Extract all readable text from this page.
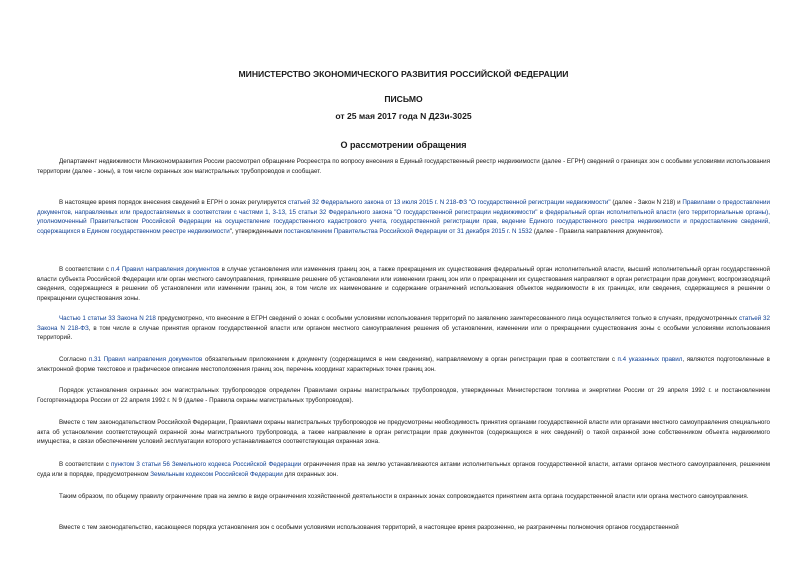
МИНИСТЕРСТВО ЭКОНОМИЧЕСКОГО РАЗВИТИЯ РОССИЙСКОЙ ФЕДЕРАЦИИ
ПИСЬМО
от 25 мая 2017 года N Д23и-3025
О рассмотрении обращения

Департамент недвижимости Минэкономразвития России рассмотрел обращение Росреестра по вопросу внесения в Единый государственный реестр недвижимости (далее - ЕГРН) сведений о границах зон с особыми условиями использования территории (далее - зоны), в том числе охранных зон магистральных трубопроводов и сообщает.

В настоящее время порядок внесения сведений в ЕГРН о зонах регулируется статьей 32 Федерального закона от 13 июля 2015 г. N 218-ФЗ "О государственной регистрации недвижимости" (далее - Закон N 218) и Правилами о предоставлении документов, направляемых или предоставляемых в соответствии с частями 1, 3-13, 15 статьи 32 Федерального закона "О государственной регистрации недвижимости" в федеральный орган исполнительной власти (его территориальные органы), уполномоченный Правительством Российской Федерации на осуществление государственного кадастрового учета, государственной регистрации прав, ведение Единого государственного реестра недвижимости и предоставление сведений, содержащихся в Едином государственном реестре недвижимости", утвержденными постановлением Правительства Российской Федерации от 31 декабря 2015 г. N 1532 (далее - Правила направления документов).

В соответствии с п.4 Правил направления документов в случае установления или изменения границ зон, а также прекращения их существования федеральный орган исполнительной власти, высший исполнительный орган государственной власти субъекта Российской Федерации или орган местного самоуправления, принявшие решение об установлении или изменении границ зон или о прекращении их существования направляют в орган регистрации прав документ, воспроизводящий сведения, содержащиеся в решении об установлении или изменении границ зон, в том числе их наименование и содержание ограничений использования объектов недвижимости в их границах, или сведения, содержащиеся в решении о прекращении существования зоны.

Частью 1 статьи 33 Закона N 218 предусмотрено, что внесение в ЕГРН сведений о зонах с особыми условиями использования территорий по заявлению заинтересованного лица осуществляется только в случаях, предусмотренных статьей 32 Закона N 218-ФЗ, в том числе в случае принятия органом государственной власти или органом местного самоуправления решения об установлении, изменении или о прекращении существования зоны с особыми условиями использования территорий.

Согласно п.31 Правил направления документов обязательным приложением к документу (содержащимся в нем сведениям), направляемому в орган регистрации прав в соответствии с п.4 указанных правил, являются подготовленные в электронной форме текстовое и графическое описание местоположения границ зон, перечень координат характерных точек границ зон.

Порядок установления охранных зон магистральных трубопроводов определен Правилами охраны магистральных трубопроводов, утвержденных Министерством топлива и энергетики России от 29 апреля 1992 г. и постановлением Госгортехнадзора России от 22 апреля 1992 г. N 9 (далее - Правила охраны магистральных трубопроводов).

Вместе с тем законодательством Российской Федерации, Правилами охраны магистральных трубопроводов не предусмотрены необходимость принятия органами государственной власти или органами местного самоуправления специального акта об установлении соответствующей охранной зоны магистрального трубопровода, а также направление в орган регистрации прав документов (содержащихся в них сведений) о такой охранной зоне собственником объекта недвижимого имущества, в связи обеспечением условий эксплуатации которого устанавливается соответствующая охранная зона.

В соответствии с пунктом 3 статьи 56 Земельного кодекса Российской Федерации ограничения прав на землю устанавливаются актами исполнительных органов государственной власти, актами органов местного самоуправления, решением суда или в порядке, предусмотренном Земельным кодексом Российской Федерации для охранных зон.

Таким образом, по общему правилу ограничение прав на землю в виде ограничения хозяйственной деятельности в охранных зонах сопровождается принятием акта органа государственной власти или органа местного самоуправления.

Вместе с тем законодательство, касающееся порядка установления зон с особыми условиями использования территорий, в настоящее время разрозненно, не разграничены полномочия органов государственной
